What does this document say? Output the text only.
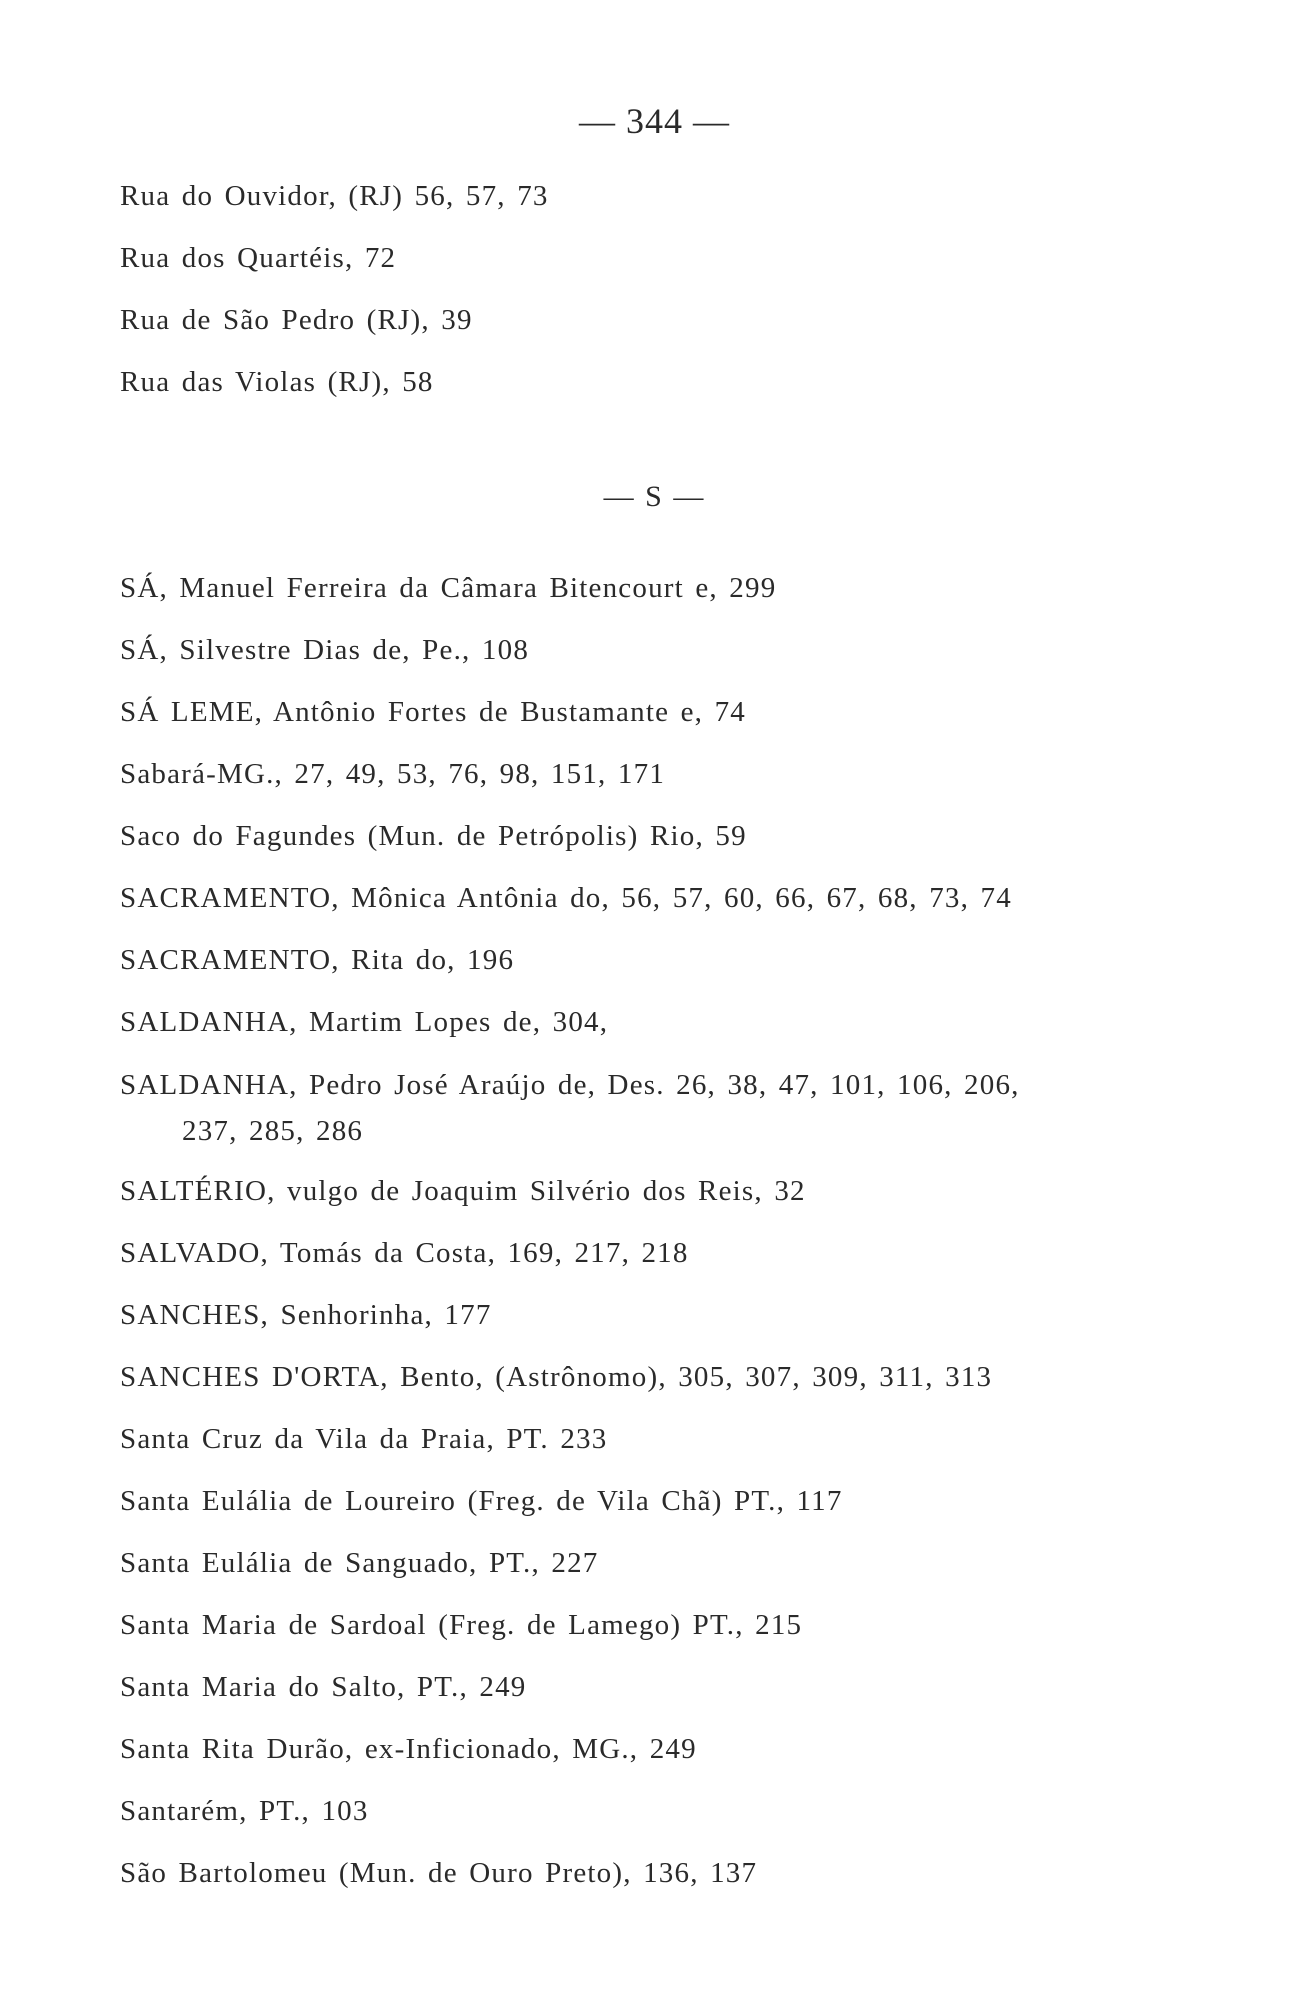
— 344 —
Rua do Ouvidor, (RJ) 56, 57, 73
Rua dos Quartéis, 72
Rua de São Pedro (RJ), 39
Rua das Violas (RJ), 58
— S —
SÁ, Manuel Ferreira da Câmara Bitencourt e, 299
SÁ, Silvestre Dias de, Pe., 108
SÁ LEME, Antônio Fortes de Bustamante e, 74
Sabará-MG., 27, 49, 53, 76, 98, 151, 171
Saco do Fagundes (Mun. de Petrópolis) Rio, 59
SACRAMENTO, Mônica Antônia do, 56, 57, 60, 66, 67, 68, 73, 74
SACRAMENTO, Rita do, 196
SALDANHA, Martim Lopes de, 304,
SALDANHA, Pedro José Araújo de, Des. 26, 38, 47, 101, 106, 206,
237, 285, 286
SALTÉRIO, vulgo de Joaquim Silvério dos Reis, 32
SALVADO, Tomás da Costa, 169, 217, 218
SANCHES, Senhorinha, 177
SANCHES D'ORTA, Bento, (Astrônomo), 305, 307, 309, 311, 313
Santa Cruz da Vila da Praia, PT. 233
Santa Eulália de Loureiro (Freg. de Vila Chã) PT., 117
Santa Eulália de Sanguado, PT., 227
Santa Maria de Sardoal (Freg. de Lamego) PT., 215
Santa Maria do Salto, PT., 249
Santa Rita Durão, ex-Inficionado, MG., 249
Santarém, PT., 103
São Bartolomeu (Mun. de Ouro Preto), 136, 137
